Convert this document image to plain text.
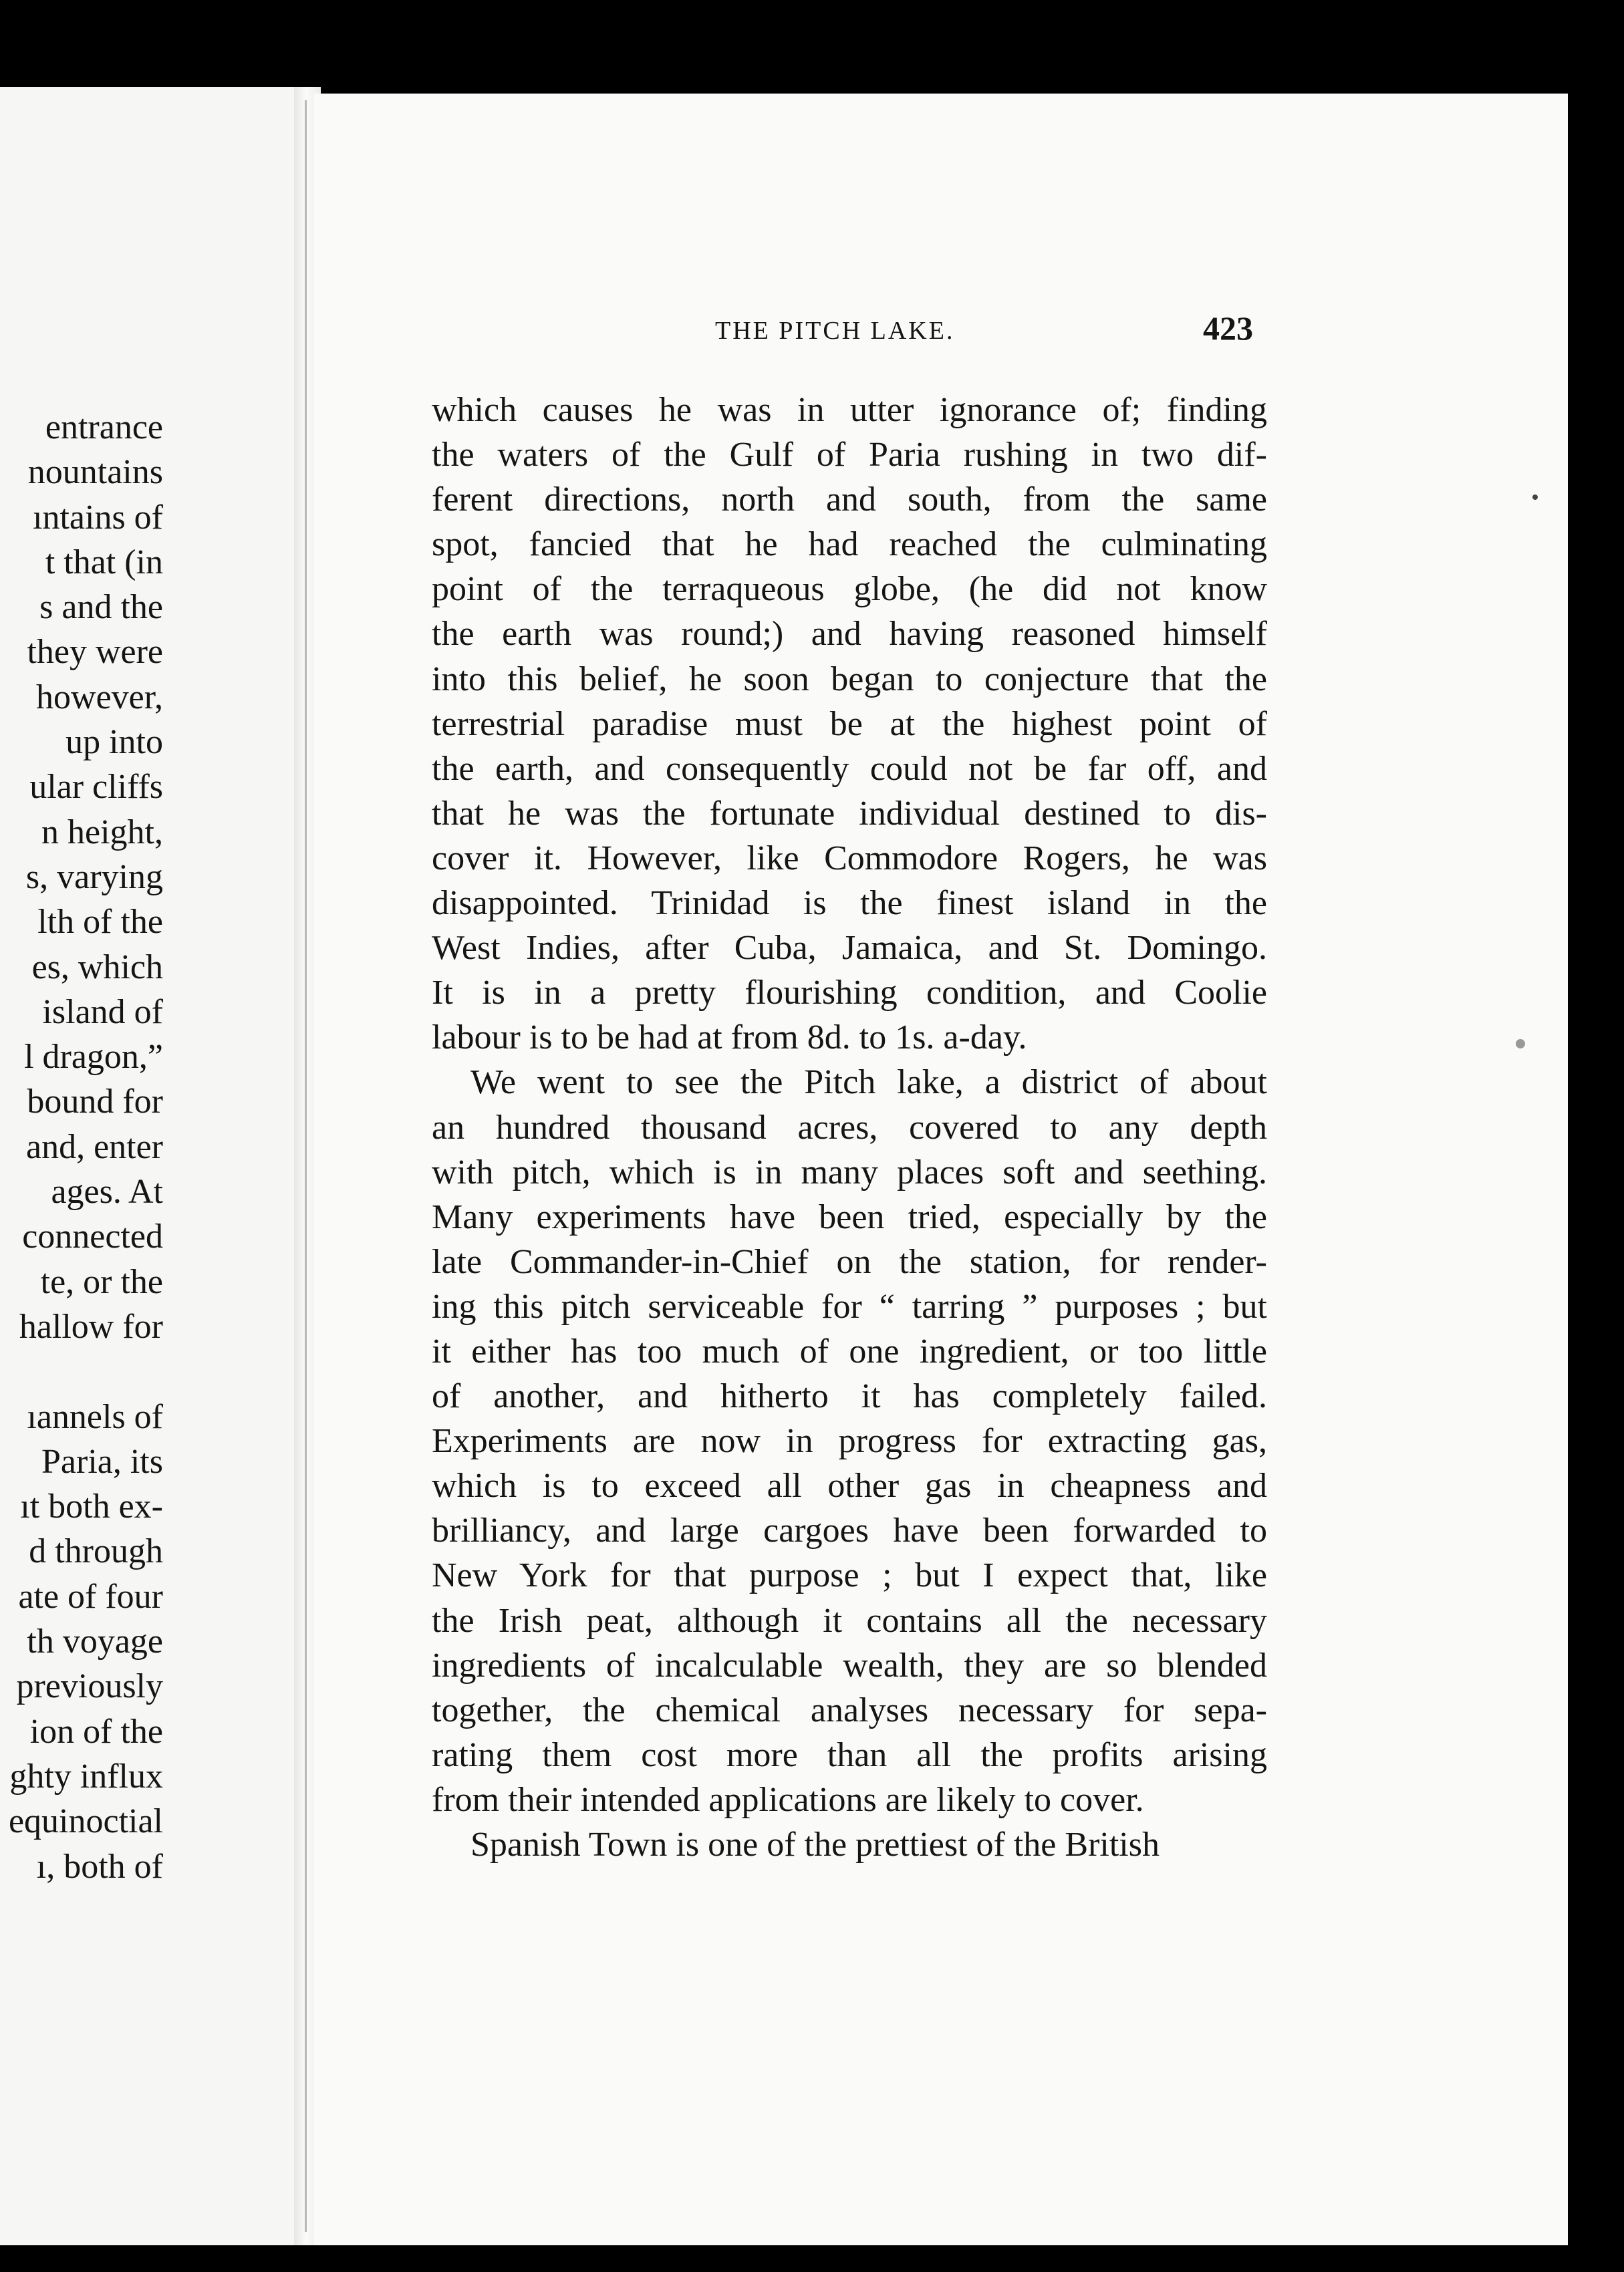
entrance
nountains
ıntains of
t that (in
s and the
they were
however,
up into
ular cliffs
n height,
s, varying
lth of the
es, which
island of
l dragon,”
bound for
and, enter
ages. At
connected
te, or the
hallow for
ıannels of
Paria, its
ıt both ex-
d through
ate of four
th voyage
previously
ion of the
ghty influx
equinoctial
ı, both of
THE PITCH LAKE.	423
which causes he was in utter ignorance of; finding
the waters of the Gulf of Paria rushing in two dif-
ferent directions, north and south, from the same
spot, fancied that he had reached the culminating
point of the terraqueous globe, (he did not know
the earth was round;) and having reasoned himself
into this belief, he soon began to conjecture that the
terrestrial paradise must be at the highest point of
the earth, and consequently could not be far off, and
that he was the fortunate individual destined to dis-
cover it. However, like Commodore Rogers, he was
disappointed. Trinidad is the finest island in the
West Indies, after Cuba, Jamaica, and St. Domingo.
It is in a pretty flourishing condition, and Coolie
labour is to be had at from 8d. to 1s. a-day.
We went to see the Pitch lake, a district of about
an hundred thousand acres, covered to any depth
with pitch, which is in many places soft and seething.
Many experiments have been tried, especially by the
late Commander-in-Chief on the station, for render-
ing this pitch serviceable for “ tarring ” purposes ; but
it either has too much of one ingredient, or too little
of another, and hitherto it has completely failed.
Experiments are now in progress for extracting gas,
which is to exceed all other gas in cheapness and
brilliancy, and large cargoes have been forwarded to
New York for that purpose ; but I expect that, like
the Irish peat, although it contains all the necessary
ingredients of incalculable wealth, they are so blended
together, the chemical analyses necessary for sepa-
rating them cost more than all the profits arising
from their intended applications are likely to cover.
Spanish Town is one of the prettiest of the British
